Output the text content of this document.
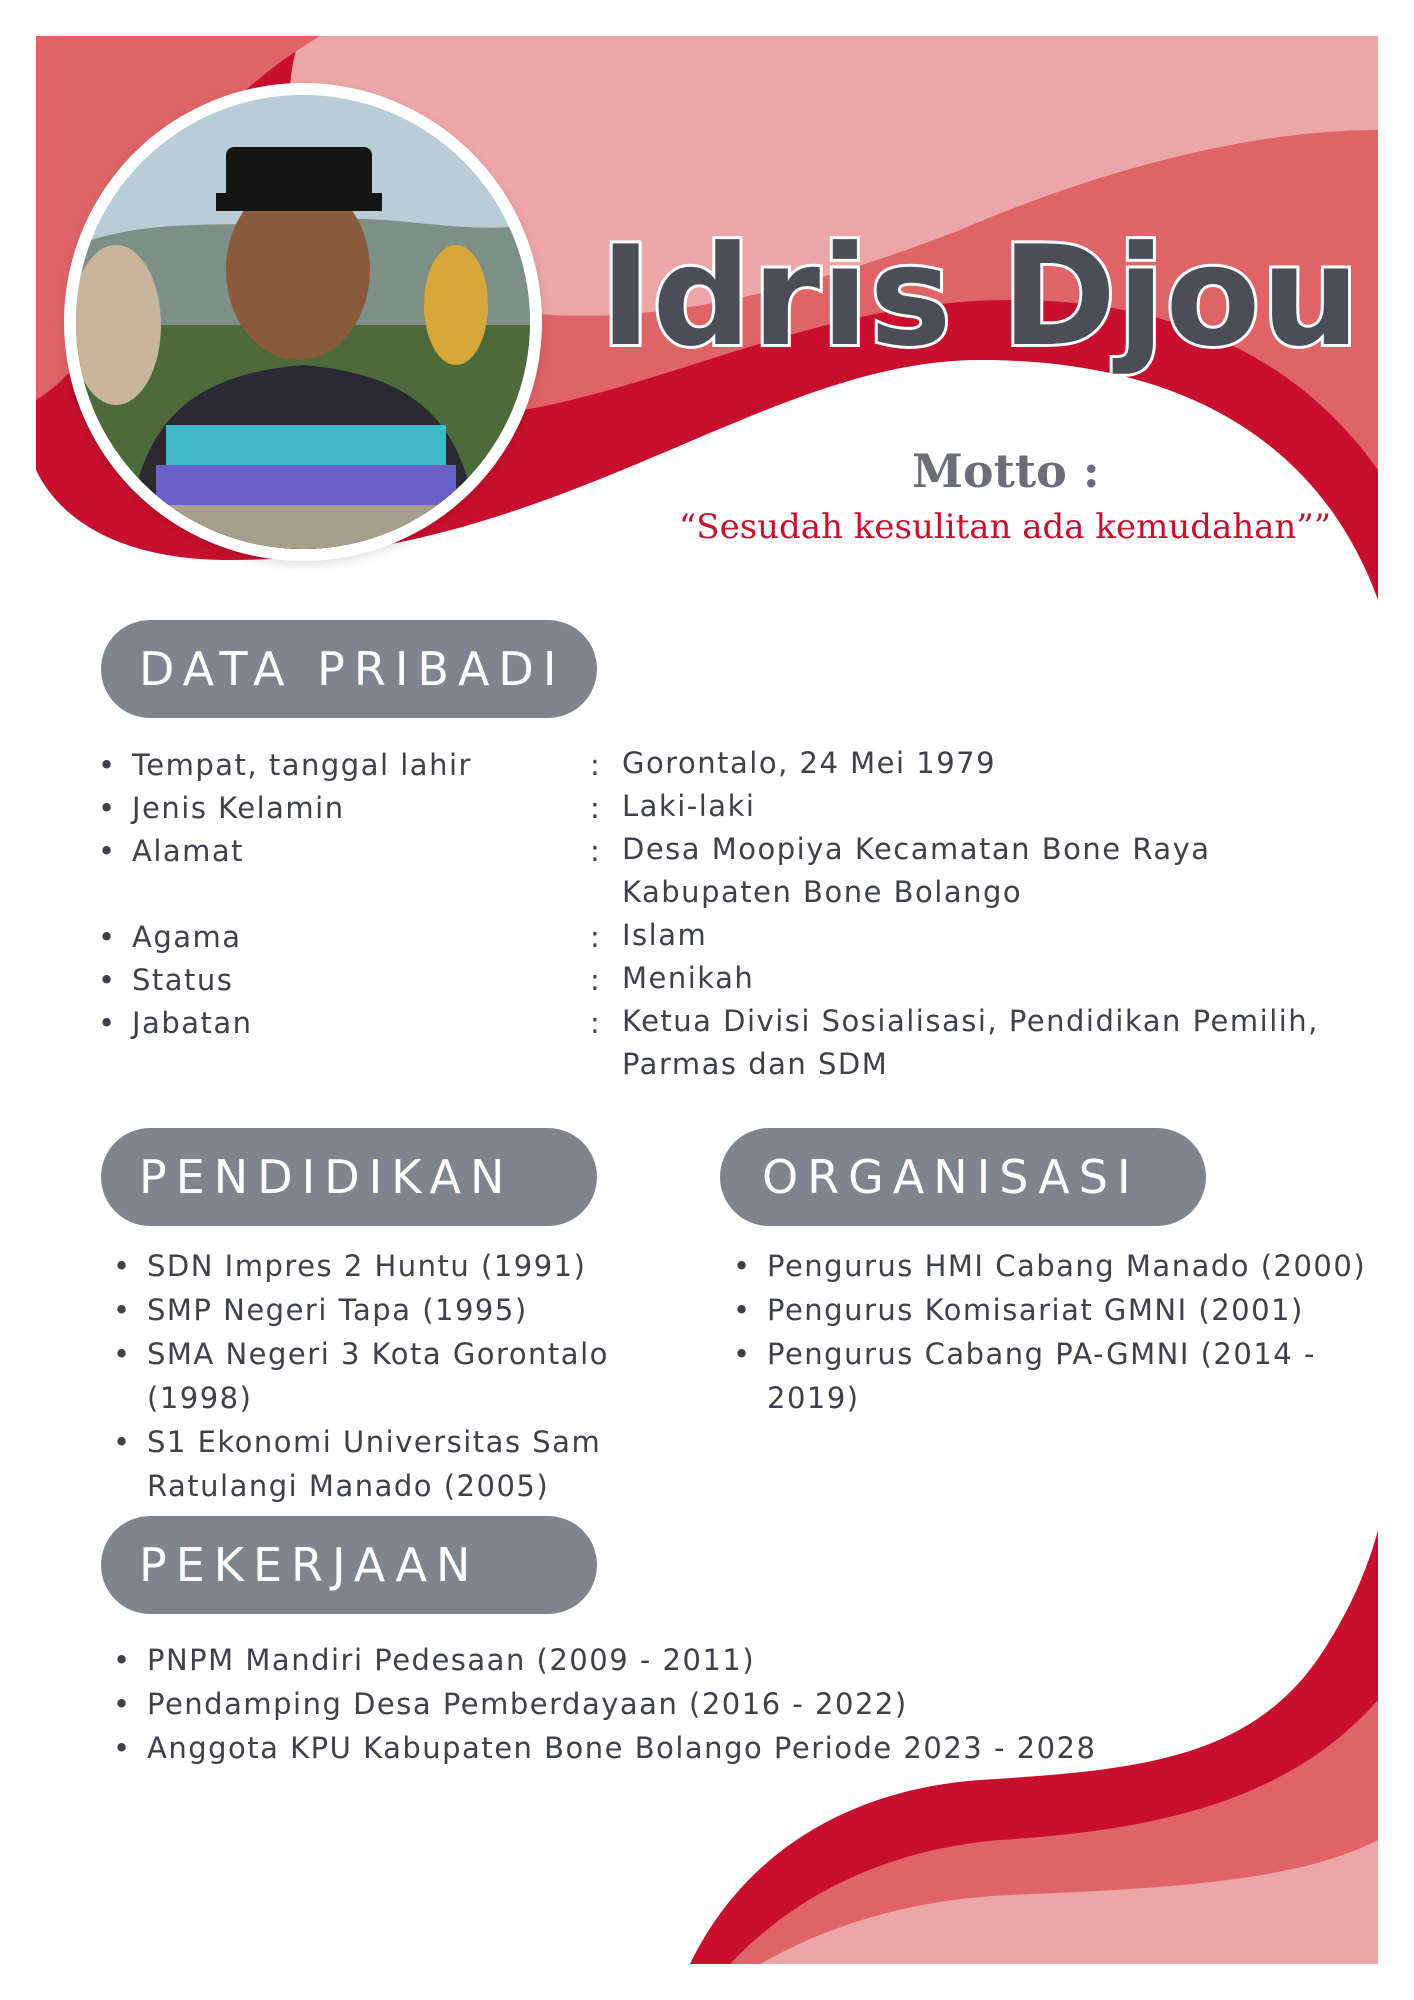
Idris Djou
Motto :
“Sesudah kesulitan ada kemudahan””
DATA PRIBADI
• Tempat, tanggal lahir	: Gorontalo, 24 Mei 1979
• Jenis Kelamin	: Laki-laki
• Alamat	: Desa Moopiya Kecamatan Bone Raya Kabupaten Bone Bolango
• Agama	: Islam
• Status	: Menikah
• Jabatan	: Ketua Divisi Sosialisasi, Pendidikan Pemilih, Parmas dan SDM
PENDIDIKAN
• SDN Impres 2 Huntu (1991)
• SMP Negeri Tapa (1995)
• SMA Negeri 3 Kota Gorontalo (1998)
• S1 Ekonomi Universitas Sam Ratulangi Manado (2005)
ORGANISASI
• Pengurus HMI Cabang Manado (2000)
• Pengurus Komisariat GMNI (2001)
• Pengurus Cabang PA-GMNI (2014 - 2019)
PEKERJAAN
• PNPM Mandiri Pedesaan (2009 - 2011)
• Pendamping Desa Pemberdayaan (2016 - 2022)
• Anggota KPU Kabupaten Bone Bolango Periode 2023 - 2028
